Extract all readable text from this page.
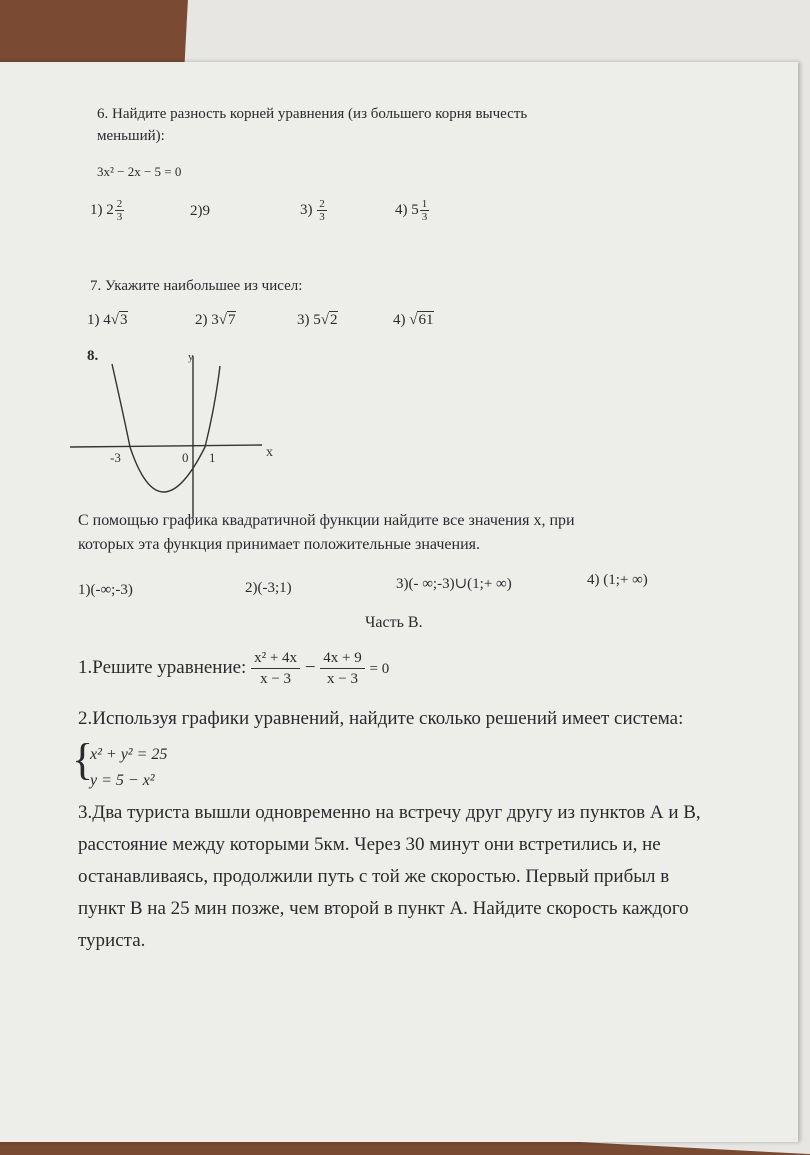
6. Найдите разность корней уравнения (из большего корня вычесть
меньший):
3x² − 2x − 5 = 0
1) $2 \frac{2}{3}$	2)9	$3) \frac{2}{3}$	4) $5 \frac{1}{3}$
7. Укажите наибольшее из чисел:
1) 4√3	2) 3√7	3) 5√2	4) √61
8.	y
x
-3	0 1
С помощью графика квадратичной функции найдите все значения x, при
которых эта функция принимает положительные значения.
1)(-∞;-3)	2)(-3;1)	3)(- ∞;-3)∪(1;+ ∞)	4) (1;+ ∞)
Часть В.
1.Решите уравнение: $\frac{\text{x² + 4x}}{x - 3} - \frac{4x + 9}{x - 3} = 0$
2.Используя графики уравнений, найдите сколько решений имеет система:
{
x² + y² = 25
y = 5 − x²
3.Два туриста вышли одновременно на встречу друг другу из пунктов А и В,
расстояние между которыми 5км. Через 30 минут они встретились и, не
останавливаясь, продолжили путь с той же скоростью. Первый прибыл в
пункт В на 25 мин позже, чем второй в пункт А. Найдите скорость каждого
туриста.
